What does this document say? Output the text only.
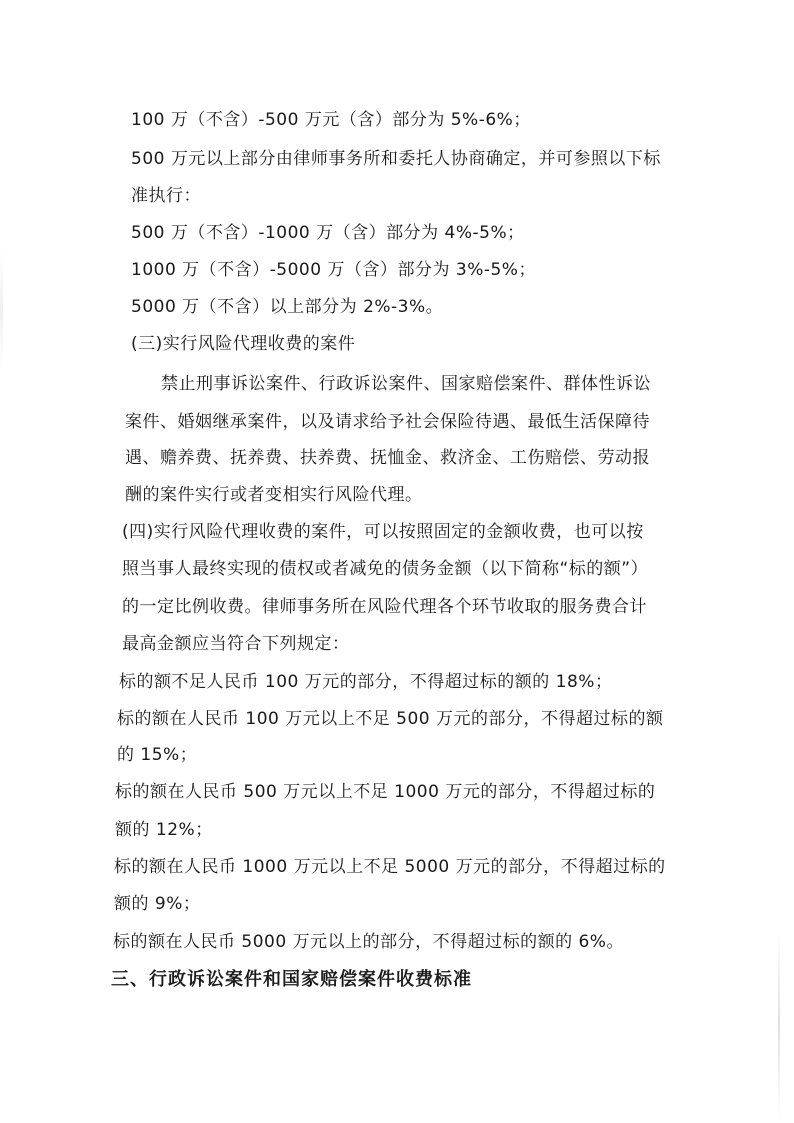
100 万（不含）-500 万元（含）部分为 5%-6%；
500 万元以上部分由律师事务所和委托人协商确定，并可参照以下标
准执行：
500 万（不含）-1000 万（含）部分为 4%-5%；
1000 万（不含）-5000 万（含）部分为 3%-5%；
5000 万（不含）以上部分为 2%-3%。
(三)实行风险代理收费的案件
禁止刑事诉讼案件、行政诉讼案件、国家赔偿案件、群体性诉讼
案件、婚姻继承案件，以及请求给予社会保险待遇、最低生活保障待
遇、赡养费、抚养费、扶养费、抚恤金、救济金、工伤赔偿、劳动报
酬的案件实行或者变相实行风险代理。
(四)实行风险代理收费的案件，可以按照固定的金额收费，也可以按
照当事人最终实现的债权或者减免的债务金额（以下简称“标的额”）
的一定比例收费。律师事务所在风险代理各个环节收取的服务费合计
最高金额应当符合下列规定：
标的额不足人民币 100 万元的部分，不得超过标的额的 18%；
标的额在人民币 100 万元以上不足 500 万元的部分，不得超过标的额
的 15%；
标的额在人民币 500 万元以上不足 1000 万元的部分，不得超过标的
额的 12%；
标的额在人民币 1000 万元以上不足 5000 万元的部分，不得超过标的
额的 9%；
标的额在人民币 5000 万元以上的部分，不得超过标的额的 6%。
三、行政诉讼案件和国家赔偿案件收费标准
